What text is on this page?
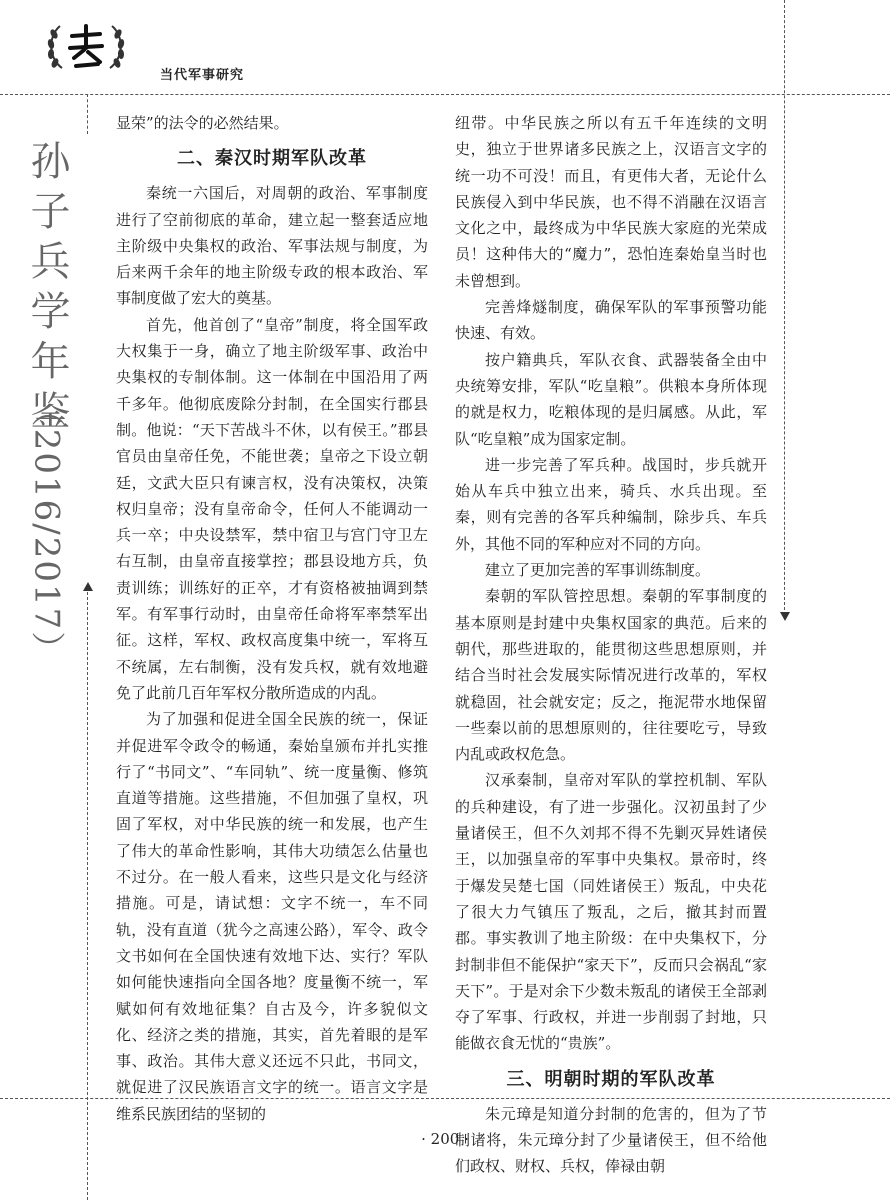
当代军事研究
孙子兵学年鉴
（2016/2017）

显荣”的法令的必然结果。

二、秦汉时期军队改革

秦统一六国后，对周朝的政治、军事制度进行了空前彻底的革命，建立起一整套适应地主阶级中央集权的政治、军事法规与制度，为后来两千余年的地主阶级专政的根本政治、军事制度做了宏大的奠基。

首先，他首创了“皇帝”制度，将全国军政大权集于一身，确立了地主阶级军事、政治中央集权的专制体制。这一体制在中国沿用了两千多年。他彻底废除分封制，在全国实行郡县制。他说：“天下苦战斗不休，以有侯王。”郡县官员由皇帝任免，不能世袭；皇帝之下设立朝廷，文武大臣只有谏言权，没有决策权，决策权归皇帝；没有皇帝命令，任何人不能调动一兵一卒；中央设禁军，禁中宿卫与宫门守卫左右互制，由皇帝直接掌控；郡县设地方兵，负责训练；训练好的正卒，才有资格被抽调到禁军。有军事行动时，由皇帝任命将军率禁军出征。这样，军权、政权高度集中统一，军将互不统属，左右制衡，没有发兵权，就有效地避免了此前几百年军权分散所造成的内乱。

为了加强和促进全国全民族的统一，保证并促进军令政令的畅通，秦始皇颁布并扎实推行了“书同文”、“车同轨”、统一度量衡、修筑直道等措施。这些措施，不但加强了皇权，巩固了军权，对中华民族的统一和发展，也产生了伟大的革命性影响，其伟大功绩怎么估量也不过分。在一般人看来，这些只是文化与经济措施。可是，请试想：文字不统一，车不同轨，没有直道（犹今之高速公路），军令、政令文书如何在全国快速有效地下达、实行？军队如何能快速指向全国各地？度量衡不统一，军赋如何有效地征集？自古及今，许多貌似文化、经济之类的措施，其实，首先着眼的是军事、政治。其伟大意义还远不只此，书同文，就促进了汉民族语言文字的统一。语言文字是维系民族团结的坚韧的

纽带。中华民族之所以有五千年连续的文明史，独立于世界诸多民族之上，汉语言文字的统一功不可没！而且，有更伟大者，无论什么民族侵入到中华民族，也不得不消融在汉语言文化之中，最终成为中华民族大家庭的光荣成员！这种伟大的“魔力”，恐怕连秦始皇当时也未曾想到。

完善烽燧制度，确保军队的军事预警功能快速、有效。

按户籍典兵，军队衣食、武器装备全由中央统筹安排，军队“吃皇粮”。供粮本身所体现的就是权力，吃粮体现的是归属感。从此，军队“吃皇粮”成为国家定制。

进一步完善了军兵种。战国时，步兵就开始从车兵中独立出来，骑兵、水兵出现。至秦，则有完善的各军兵种编制，除步兵、车兵外，其他不同的军种应对不同的方向。

建立了更加完善的军事训练制度。

秦朝的军队管控思想。秦朝的军事制度的基本原则是封建中央集权国家的典范。后来的朝代，那些进取的，能贯彻这些思想原则，并结合当时社会发展实际情况进行改革的，军权就稳固，社会就安定；反之，拖泥带水地保留一些秦以前的思想原则的，往往要吃亏，导致内乱或政权危急。

汉承秦制，皇帝对军队的掌控机制、军队的兵种建设，有了进一步强化。汉初虽封了少量诸侯王，但不久刘邦不得不先剿灭异姓诸侯王，以加强皇帝的军事中央集权。景帝时，终于爆发吴楚七国（同姓诸侯王）叛乱，中央花了很大力气镇压了叛乱，之后，撤其封而置郡。事实教训了地主阶级：在中央集权下，分封制非但不能保护“家天下”，反而只会祸乱“家天下”。于是对余下少数未叛乱的诸侯王全部剥夺了军事、行政权，并进一步削弱了封地，只能做衣食无忧的“贵族”。

三、明朝时期的军队改革

朱元璋是知道分封制的危害的，但为了节制诸将，朱元璋分封了少量诸侯王，但不给他们政权、财权、兵权，俸禄由朝

· 200 ·
